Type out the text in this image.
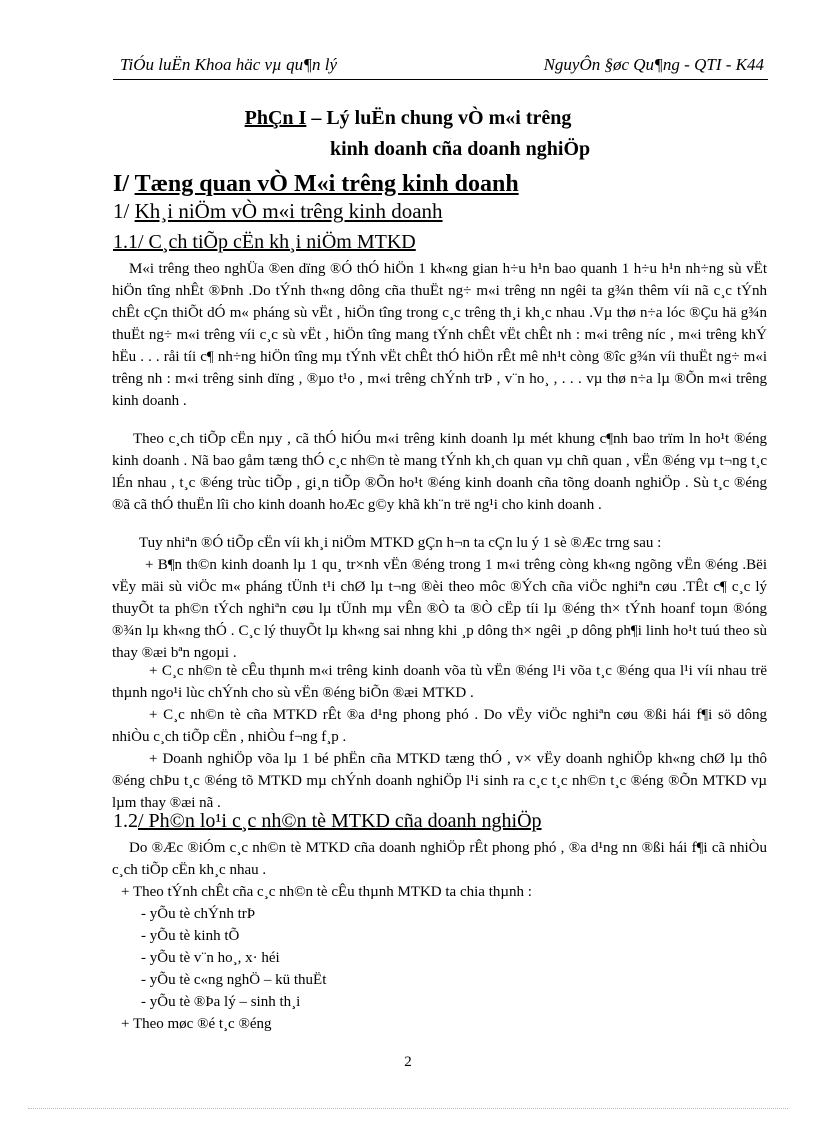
TiÓu luËn Khoa häc vµ qu¶n lý	NguyÔn §øc Qu¶ng - QTI - K44
PhÇn I – Lý luËn chung vÒ m«i trêng
kinh doanh cña doanh nghiÖp
I/ Tæng quan vÒ M«i trêng kinh doanh
1/ Kh¸i niÖm vÒ m«i trêng kinh doanh
1.1/ C¸ch tiÕp cËn kh¸i niÖm MTKD
M«i trêng theo nghÜa ®en dïng ®Ó thÓ hiÖn 1 kh«ng gian h÷u h¹n bao quanh 1 h÷u h¹n nh÷ng sù vËt hiÖn tîng nhÊt ®Þnh .Do tÝnh th«ng dông cña thuËt ng÷ m«i trêng nn ngêi ta g¾n thêm víi nã c¸c tÝnh chÊt cÇn thiÕt dÓ m« pháng sù vËt , hiÖn tîng trong c¸c trêng th¸i kh¸c nhau .Vµ thø n÷a lóc ®Çu hä g¾n thuËt ng÷ m«i trêng víi c¸c sù vËt , hiÖn tîng mang tÝnh chÊt vËt chÊt nh : m«i trêng níc , m«i trêng khÝ hËu . . . råi tíi c¶ nh÷ng hiÖn tîng mµ tÝnh vËt chÊt thÓ hiÖn rÊt mê nh¹t còng ®îc g¾n víi thuËt ng÷ m«i trêng nh : m«i trêng sinh dïng , ®µo t¹o , m«i trêng chÝnh trÞ , v¨n ho¸ , . . . vµ thø n÷a lµ ®Õn m«i trêng kinh doanh .
Theo c¸ch tiÕp cËn nµy , cã thÓ hiÓu m«i trêng kinh doanh lµ mét khung c¶nh bao trïm ln ho¹t ®éng kinh doanh . Nã bao gåm tæng thÓ c¸c nh©n tè mang tÝnh kh¸ch quan vµ chñ quan , vËn ®éng vµ t¬ng t¸c lÉn nhau , t¸c ®éng trùc tiÕp , gi¸n tiÕp ®Õn ho¹t ®éng kinh doanh cña tõng doanh nghiÖp . Sù t¸c ®éng ®ã cã thÓ thuËn lîi cho kinh doanh hoÆc g©y khã kh¨n trë ng¹i cho kinh doanh .
Tuy nhiªn ®Ó tiÕp cËn víi kh¸i niÖm MTKD gÇn h¬n ta cÇn lu ý 1 sè ®Æc trng sau :
+ B¶n th©n kinh doanh lµ 1 qu¸ tr×nh vËn ®éng trong 1 m«i trêng còng kh«ng ngõng vËn ®éng .Bëi vËy mäi sù viÖc m« pháng tÜnh t¹i chØ lµ t¬ng ®èi theo môc ®Ých cña viÖc nghiªn cøu .TÊt c¶ c¸c lý thuyÕt ta ph©n tÝch nghiªn cøu lµ tÜnh mµ vÊn ®Ò ta ®Ò cËp tíi lµ ®éng th× tÝnh hoanf toµn ®óng ®¾n lµ kh«ng thÓ . C¸c lý thuyÕt lµ kh«ng sai nhng khi ¸p dông th× ngêi ¸p dông ph¶i linh ho¹t tuú theo sù thay ®æi bªn ngoµi .
+ C¸c nh©n tè cÊu thµnh m«i trêng kinh doanh võa tù vËn ®éng l¹i võa t¸c ®éng qua l¹i víi nhau trë thµnh ngo¹i lùc chÝnh cho sù vËn ®éng biÕn ®æi MTKD .
+ C¸c nh©n tè cña MTKD rÊt ®a d¹ng phong phó . Do vËy viÖc nghiªn cøu ®ßi hái f¶i sö dông nhiÒu c¸ch tiÕp cËn , nhiÒu f¬ng f¸p .
+ Doanh nghiÖp võa lµ 1 bé phËn cña MTKD tæng thÓ , v× vËy doanh nghiÖp kh«ng chØ lµ thô ®éng chÞu t¸c ®éng tõ MTKD mµ chÝnh doanh nghiÖp l¹i sinh ra c¸c t¸c nh©n t¸c ®éng ®Õn MTKD vµ lµm thay ®æi nã .
1.2/ Ph©n lo¹i c¸c nh©n tè MTKD cña doanh nghiÖp
Do ®Æc ®iÓm c¸c nh©n tè MTKD cña doanh nghiÖp rÊt phong phó , ®a d¹ng nn ®ßi hái f¶i cã nhiÒu c¸ch tiÕp cËn kh¸c nhau .
+ Theo tÝnh chÊt cña c¸c nh©n tè cÊu thµnh MTKD ta chia thµnh :
- yÕu tè chÝnh trÞ
- yÕu tè kinh tÕ
- yÕu tè v¨n ho¸, x· héi
- yÕu tè c«ng nghÖ – kü thuËt
- yÕu tè ®Þa lý – sinh th¸i
+ Theo møc ®é t¸c ®éng
2
